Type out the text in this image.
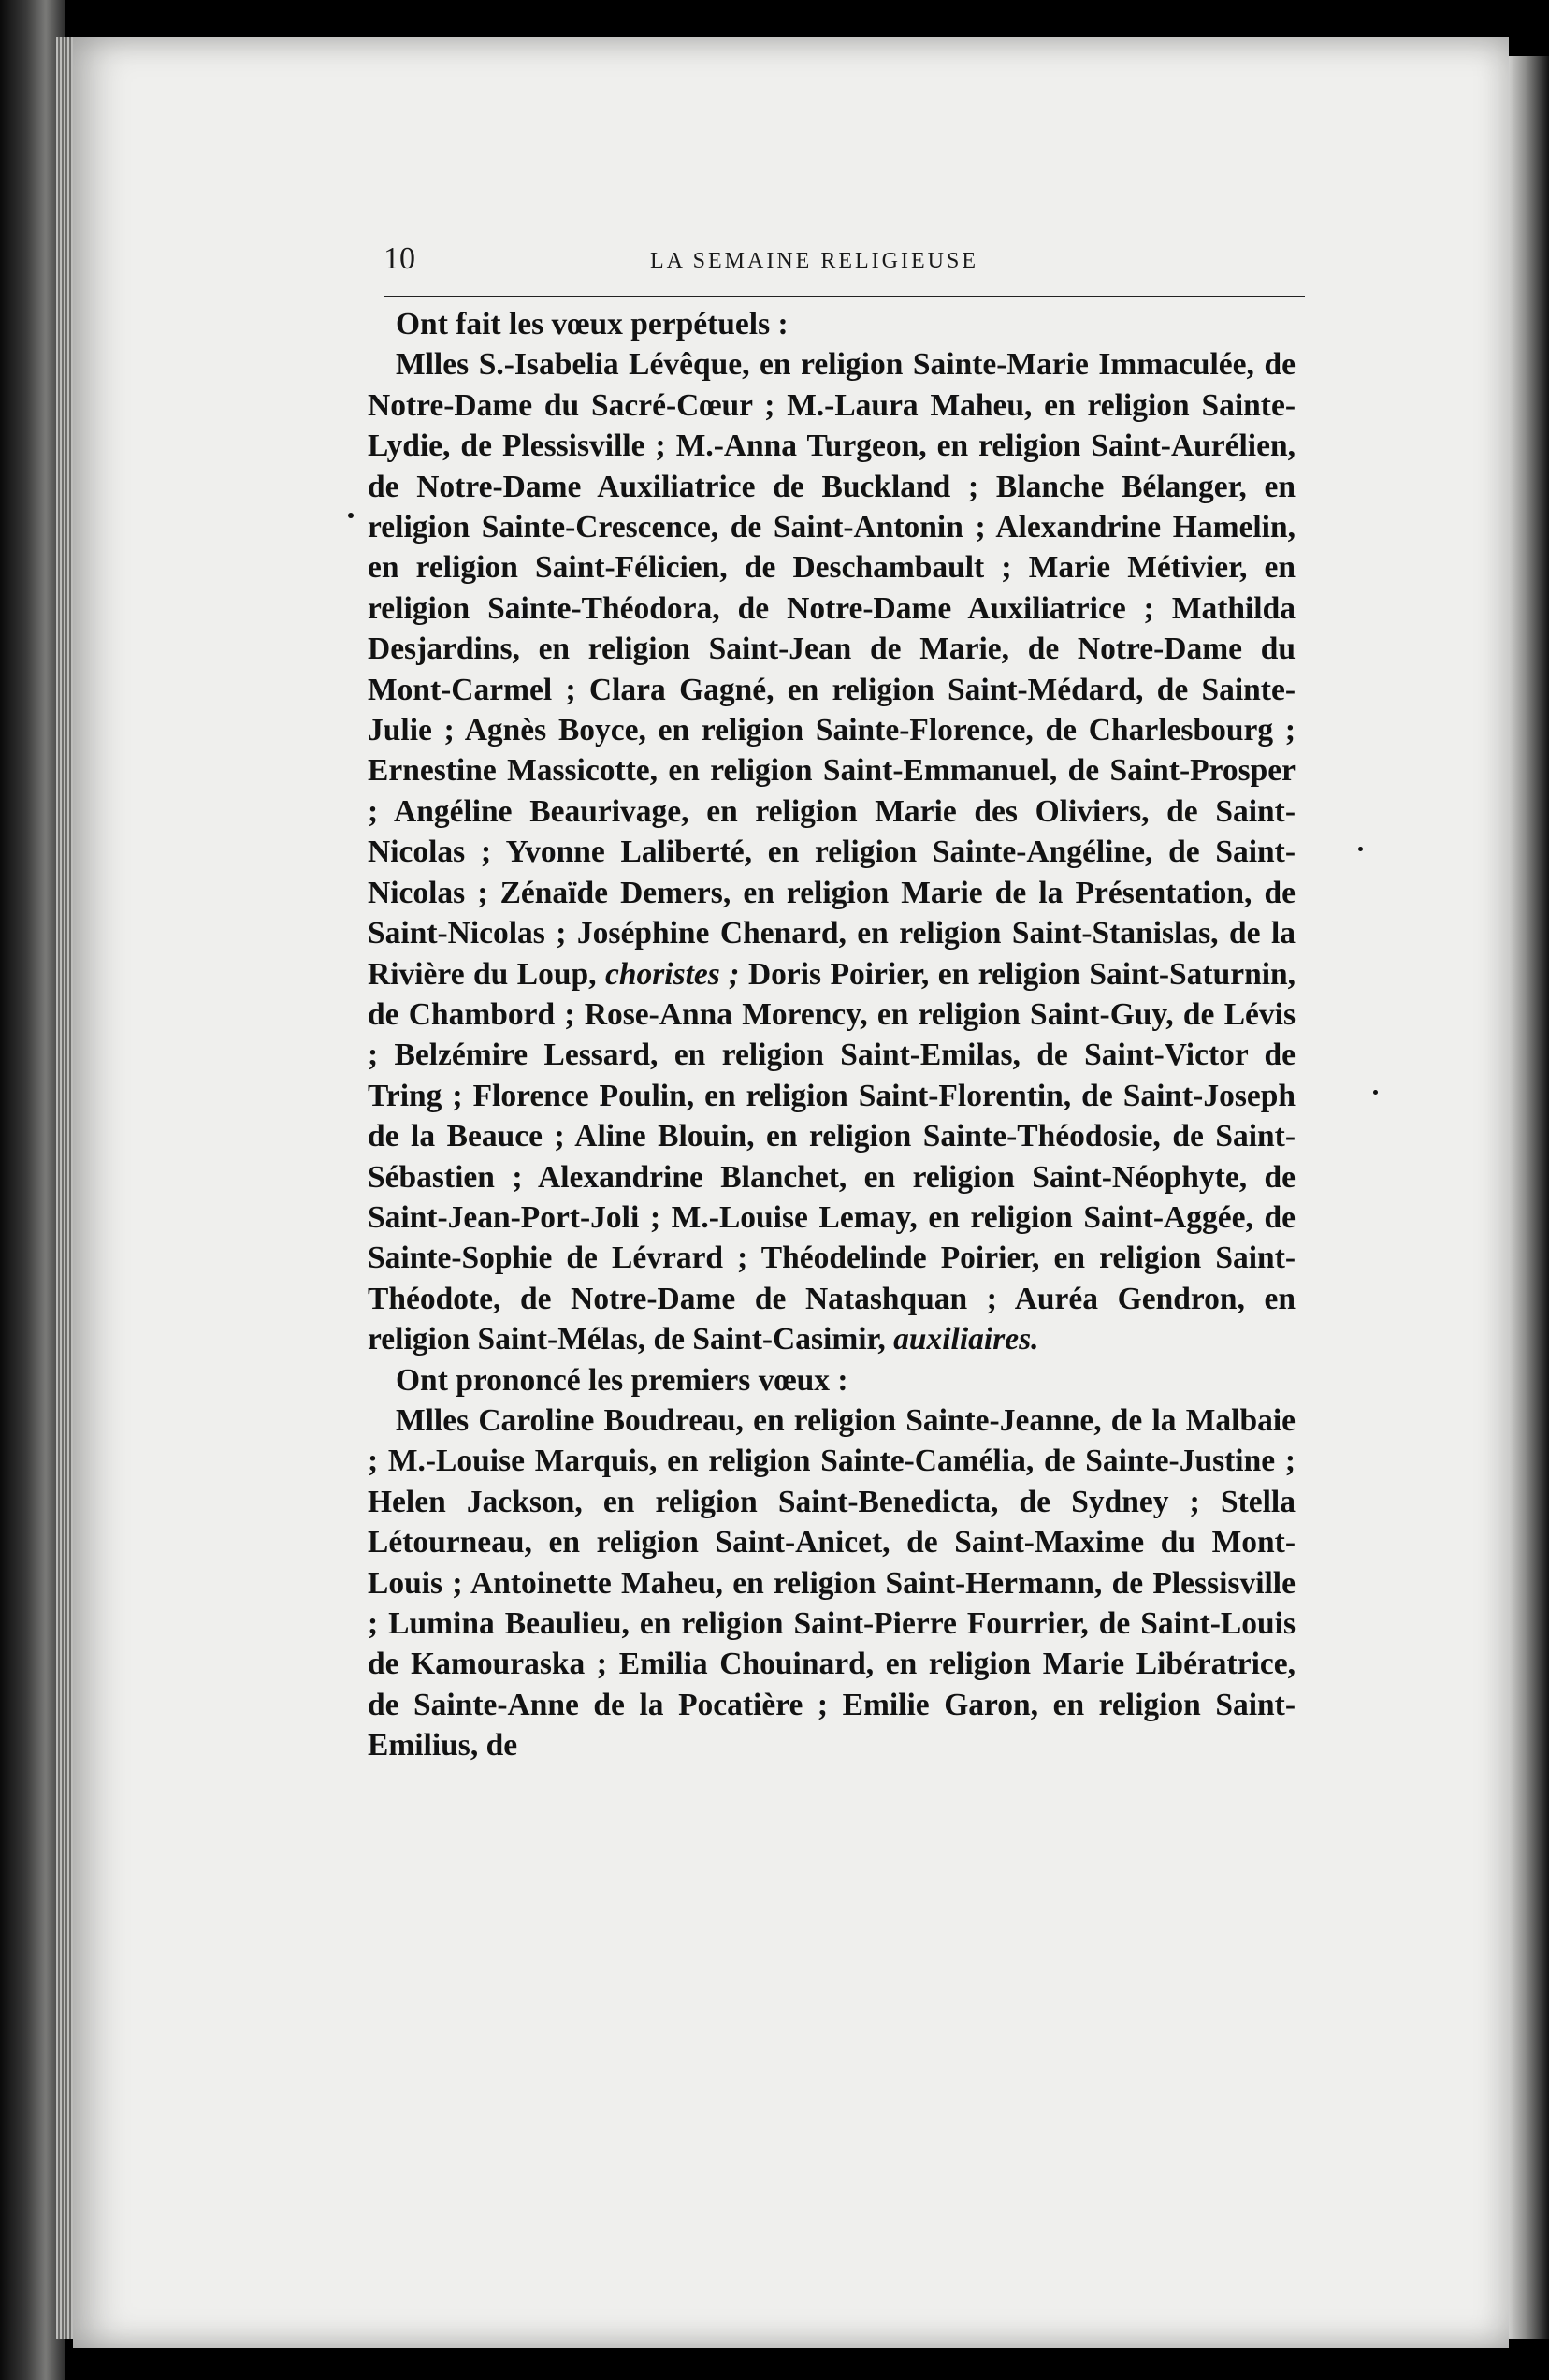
10	LA SEMAINE RELIGIEUSE

Ont fait les vœux perpétuels :

Mlles S.-Isabelia Lévêque, en religion Sainte-Marie Immaculée, de Notre-Dame du Sacré-Cœur ; M.-Laura Maheu, en religion Sainte-Lydie, de Plessisville ; M.-Anna Turgeon, en religion Saint-Aurélien, de Notre-Dame Auxiliatrice de Buckland ; Blanche Bélanger, en religion Sainte-Crescence, de Saint-Antonin ; Alexandrine Hamelin, en religion Saint-Félicien, de Deschambault ; Marie Métivier, en religion Sainte-Théodora, de Notre-Dame Auxiliatrice ; Mathilda Desjardins, en religion Saint-Jean de Marie, de Notre-Dame du Mont-Carmel ; Clara Gagné, en religion Saint-Médard, de Sainte-Julie ; Agnès Boyce, en religion Sainte-Florence, de Charlesbourg ; Ernestine Massicotte, en religion Saint-Emmanuel, de Saint-Prosper ; Angéline Beaurivage, en religion Marie des Oliviers, de Saint-Nicolas ; Yvonne Laliberté, en religion Sainte-Angéline, de Saint-Nicolas ; Zénaïde Demers, en religion Marie de la Présentation, de Saint-Nicolas ; Joséphine Chenard, en religion Saint-Stanislas, de la Rivière du Loup, choristes ; Doris Poirier, en religion Saint-Saturnin, de Chambord ; Rose-Anna Morency, en religion Saint-Guy, de Lévis ; Belzémire Lessard, en religion Saint-Emilas, de Saint-Victor de Tring ; Florence Poulin, en religion Saint-Florentin, de Saint-Joseph de la Beauce ; Aline Blouin, en religion Sainte-Théodosie, de Saint-Sébastien ; Alexandrine Blanchet, en religion Saint-Néophyte, de Saint-Jean-Port-Joli ; M.-Louise Lemay, en religion Saint-Aggée, de Sainte-Sophie de Lévrard ; Théodelinde Poirier, en religion Saint-Théodote, de Notre-Dame de Natashquan ; Auréa Gendron, en religion Saint-Mélas, de Saint-Casimir, auxiliaires.

Ont prononcé les premiers vœux :

Mlles Caroline Boudreau, en religion Sainte-Jeanne, de la Malbaie ; M.-Louise Marquis, en religion Sainte-Camélia, de Sainte-Justine ; Helen Jackson, en religion Saint-Benedicta, de Sydney ; Stella Létourneau, en religion Saint-Anicet, de Saint-Maxime du Mont-Louis ; Antoinette Maheu, en religion Saint-Hermann, de Plessisville ; Lumina Beaulieu, en religion Saint-Pierre Fourrier, de Saint-Louis de Kamouraska ; Emilia Chouinard, en religion Marie Libératrice, de Sainte-Anne de la Pocatière ; Emilie Garon, en religion Saint-Emilius, de
